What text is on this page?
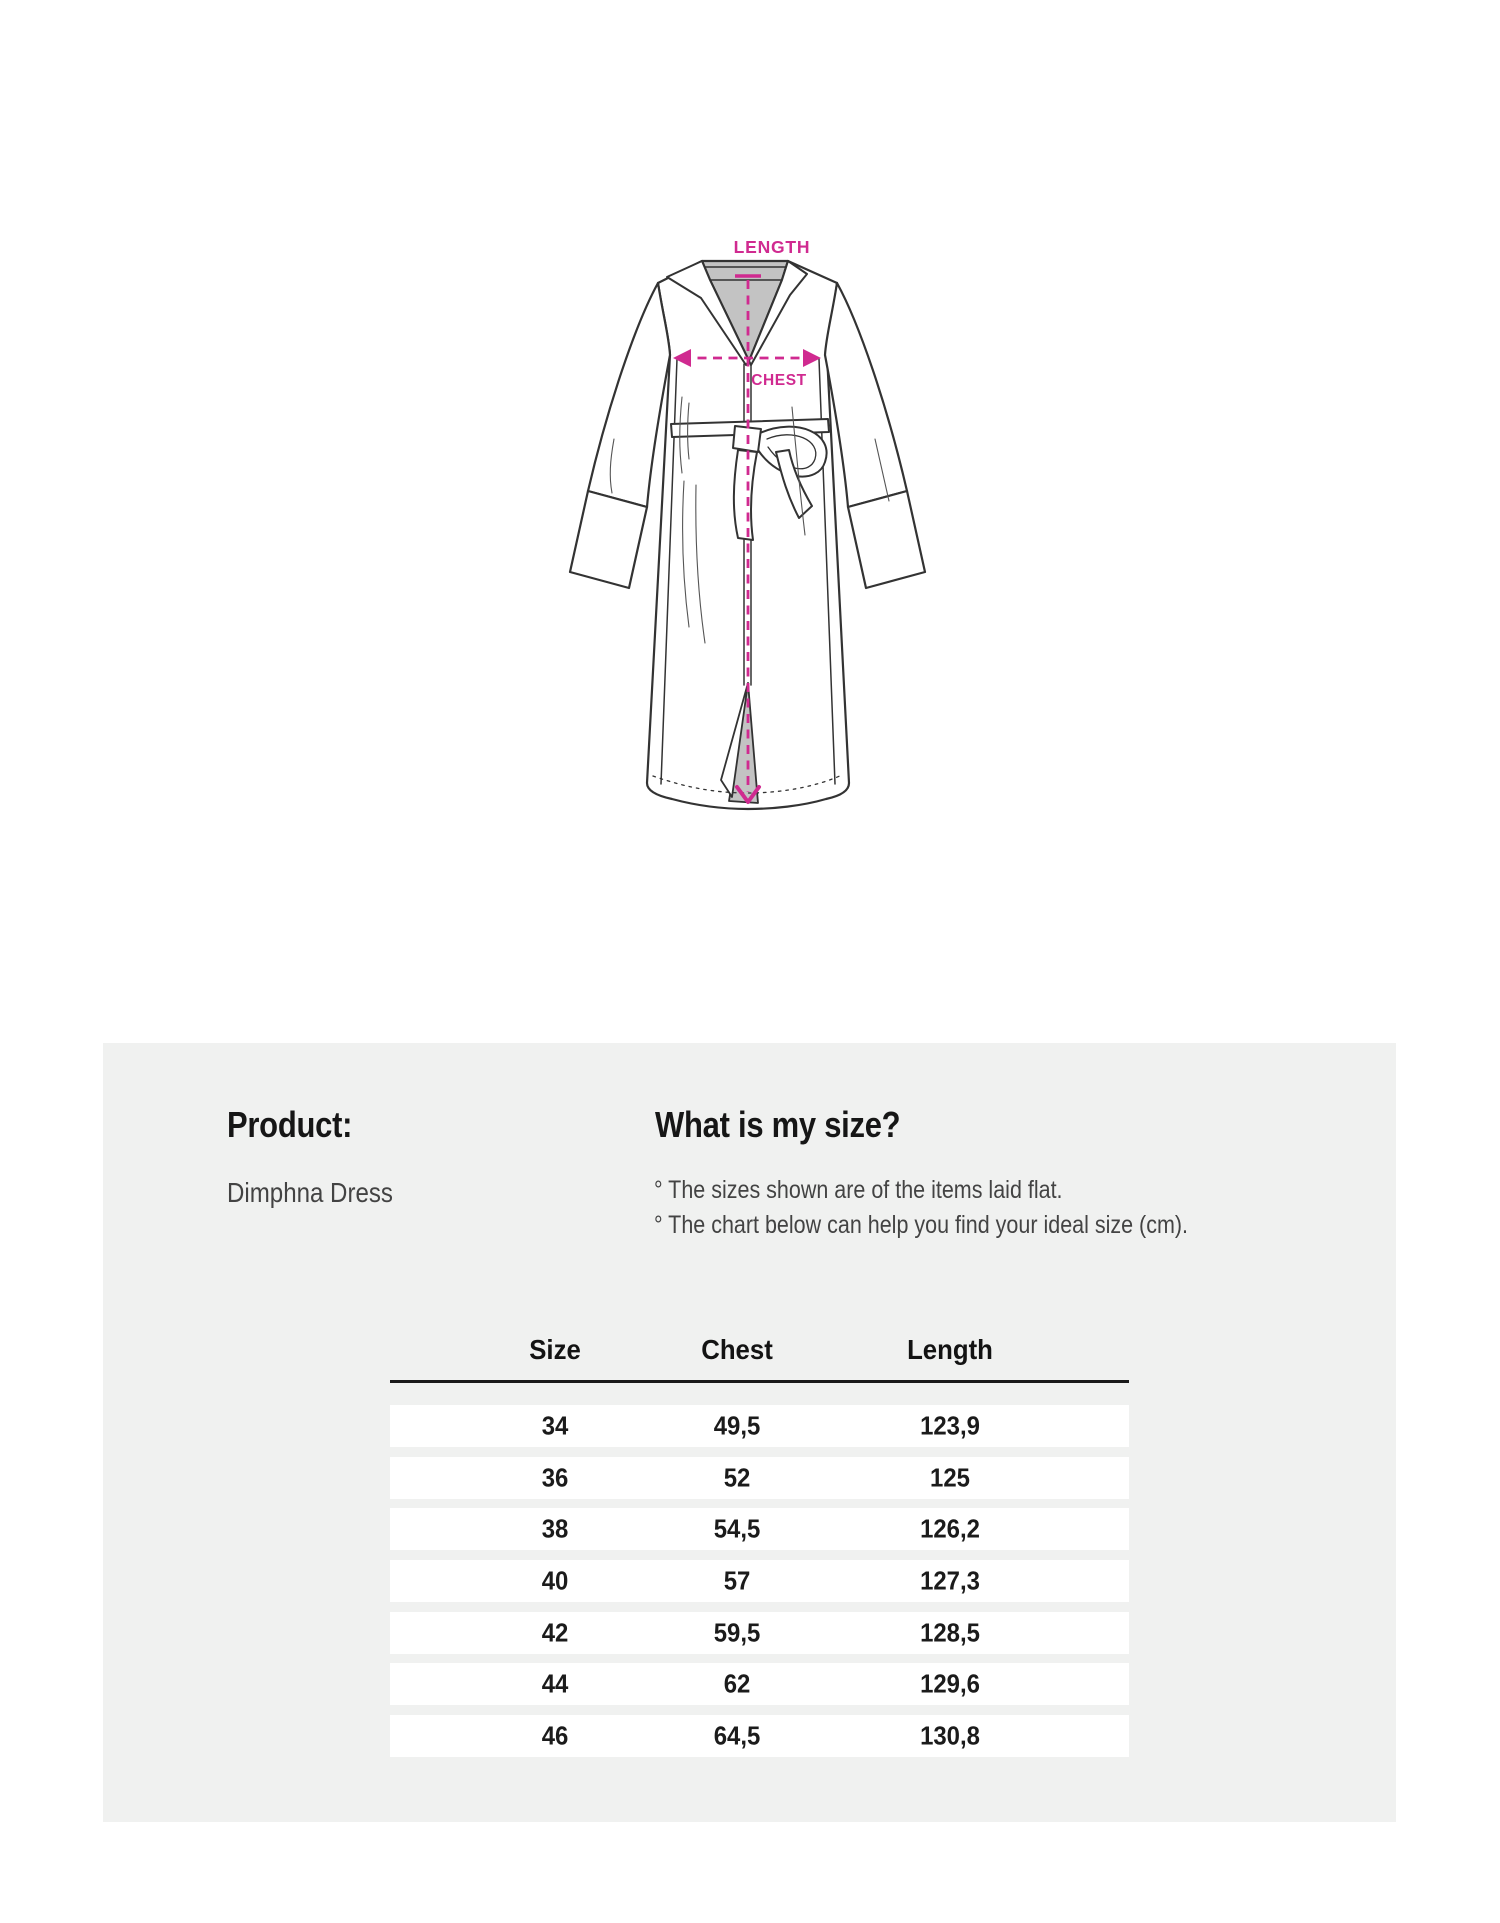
LENGTH
CHEST
Product:

Dimphna Dress

What is my size?
° The sizes shown are of the items laid flat.
° The chart below can help you find your ideal size (cm).
Size	Chest	Length
34	49,5	123,9
36	52	125
38	54,5	126,2
40	57	127,3
42	59,5	128,5
44	62	129,6
46	64,5	130,8
